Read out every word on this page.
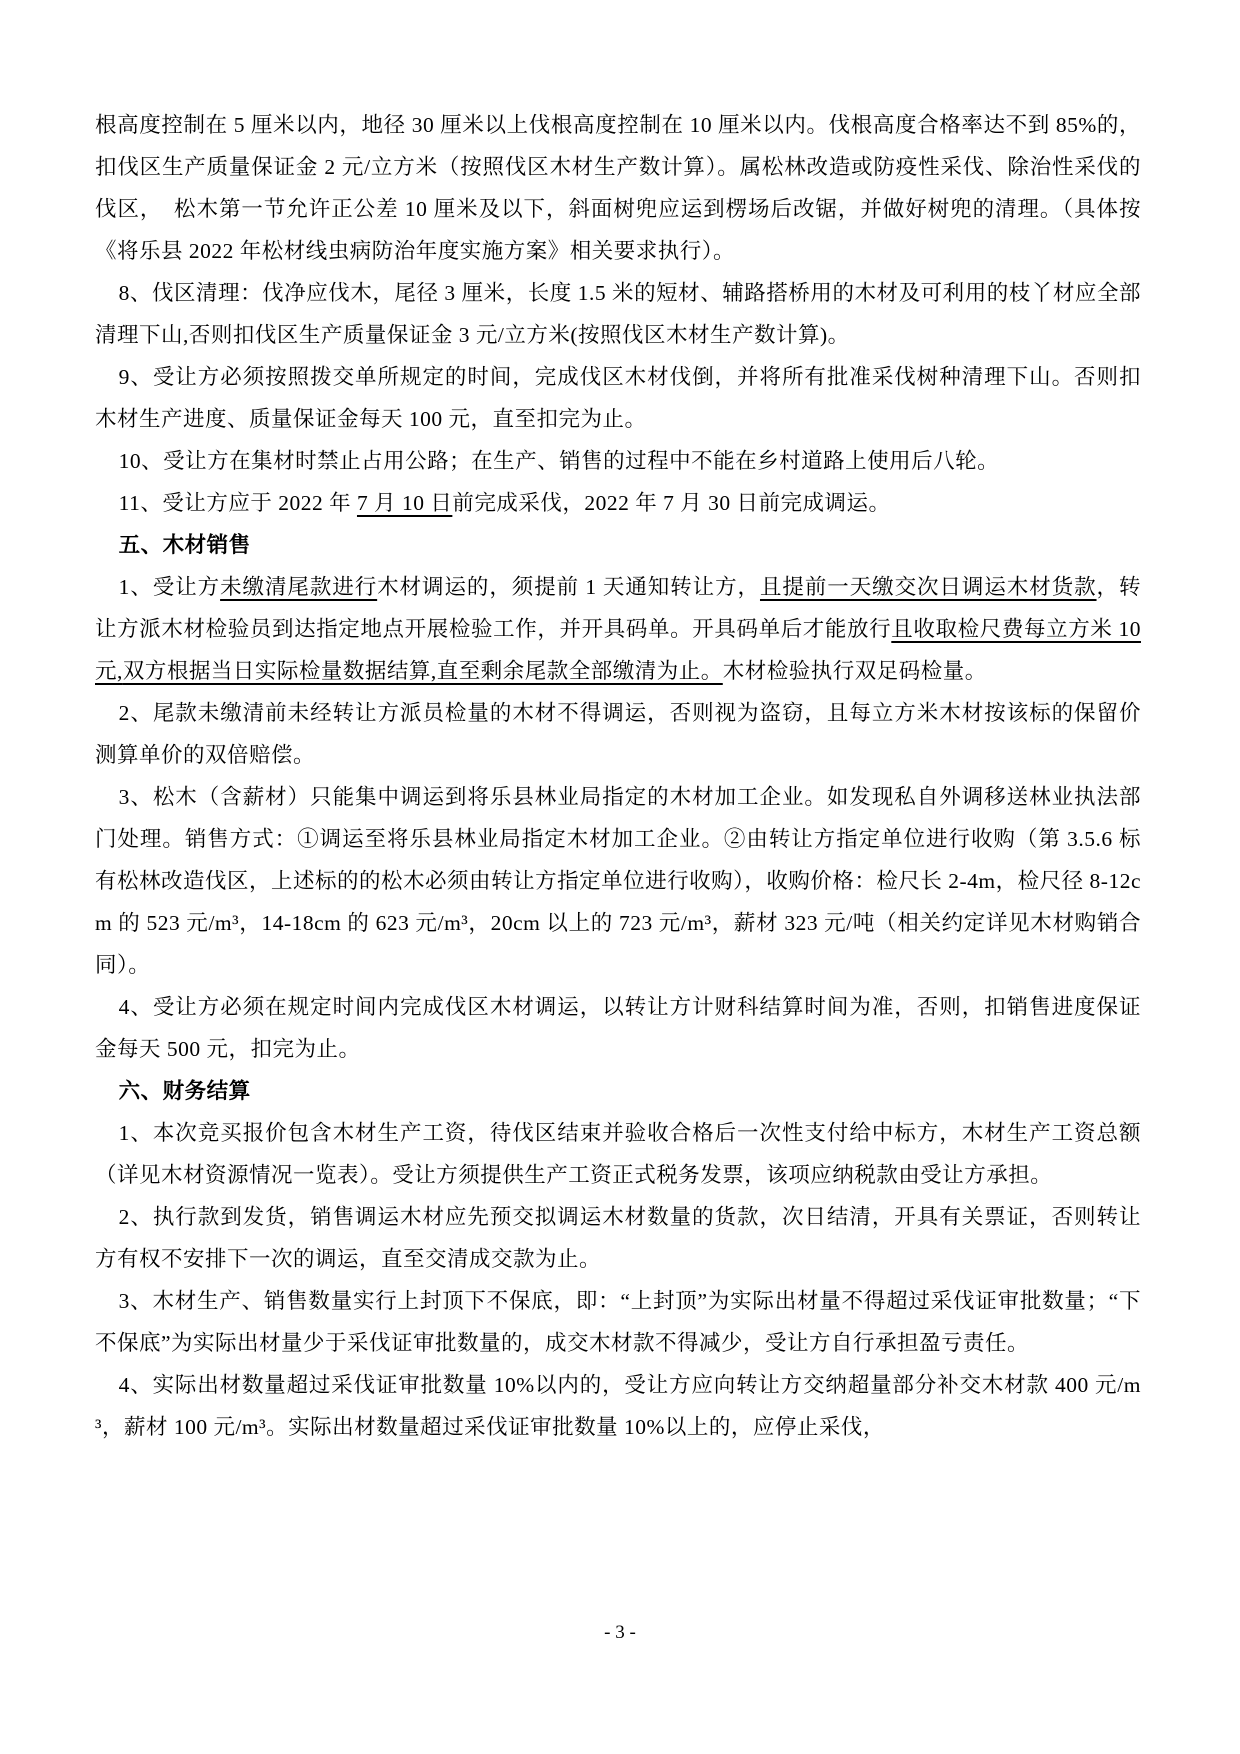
根高度控制在 5 厘米以内，地径 30 厘米以上伐根高度控制在 10 厘米以内。伐根高度合格率达不到 85%的，扣伐区生产质量保证金 2 元/立方米（按照伐区木材生产数计算）。属松林改造或防疫性采伐、除治性采伐的伐区，　松木第一节允许正公差 10 厘米及以下，斜面树兜应运到楞场后改锯，并做好树兜的清理。（具体按《将乐县 2022 年松材线虫病防治年度实施方案》相关要求执行）。

8、伐区清理：伐净应伐木，尾径 3 厘米，长度 1.5 米的短材、辅路搭桥用的木材及可利用的枝丫材应全部清理下山,否则扣伐区生产质量保证金 3 元/立方米(按照伐区木材生产数计算)。

9、受让方必须按照拨交单所规定的时间，完成伐区木材伐倒，并将所有批准采伐树种清理下山。否则扣木材生产进度、质量保证金每天 100 元，直至扣完为止。

10、受让方在集材时禁止占用公路；在生产、销售的过程中不能在乡村道路上使用后八轮。

11、受让方应于 2022 年 7 月 10 日前完成采伐，2022 年 7 月 30 日前完成调运。

五、木材销售

1、受让方未缴清尾款进行木材调运的，须提前 1 天通知转让方，且提前一天缴交次日调运木材货款，转让方派木材检验员到达指定地点开展检验工作，并开具码单。开具码单后才能放行且收取检尺费每立方米 10 元,双方根据当日实际检量数据结算,直至剩余尾款全部缴清为止。木材检验执行双足码检量。

2、尾款未缴清前未经转让方派员检量的木材不得调运，否则视为盗窃，且每立方米木材按该标的保留价测算单价的双倍赔偿。

3、松木（含薪材）只能集中调运到将乐县林业局指定的木材加工企业。如发现私自外调移送林业执法部门处理。销售方式：①调运至将乐县林业局指定木材加工企业。②由转让方指定单位进行收购（第 3.5.6 标有松林改造伐区，上述标的的松木必须由转让方指定单位进行收购），收购价格：检尺长 2-4m，检尺径 8-12cm 的 523 元/m³，14-18cm 的 623 元/m³，20cm 以上的 723 元/m³，薪材 323 元/吨（相关约定详见木材购销合同）。

4、受让方必须在规定时间内完成伐区木材调运，以转让方计财科结算时间为准，否则，扣销售进度保证金每天 500 元，扣完为止。

六、财务结算

1、本次竞买报价包含木材生产工资，待伐区结束并验收合格后一次性支付给中标方，木材生产工资总额（详见木材资源情况一览表）。受让方须提供生产工资正式税务发票，该项应纳税款由受让方承担。

2、执行款到发货，销售调运木材应先预交拟调运木材数量的货款，次日结清，开具有关票证，否则转让方有权不安排下一次的调运，直至交清成交款为止。

3、木材生产、销售数量实行上封顶下不保底，即：“上封顶”为实际出材量不得超过采伐证审批数量；“下不保底”为实际出材量少于采伐证审批数量的，成交木材款不得减少，受让方自行承担盈亏责任。

4、实际出材数量超过采伐证审批数量 10%以内的，受让方应向转让方交纳超量部分补交木材款 400 元/m³，薪材 100 元/m³。实际出材数量超过采伐证审批数量 10%以上的，应停止采伐，

- 3 -
